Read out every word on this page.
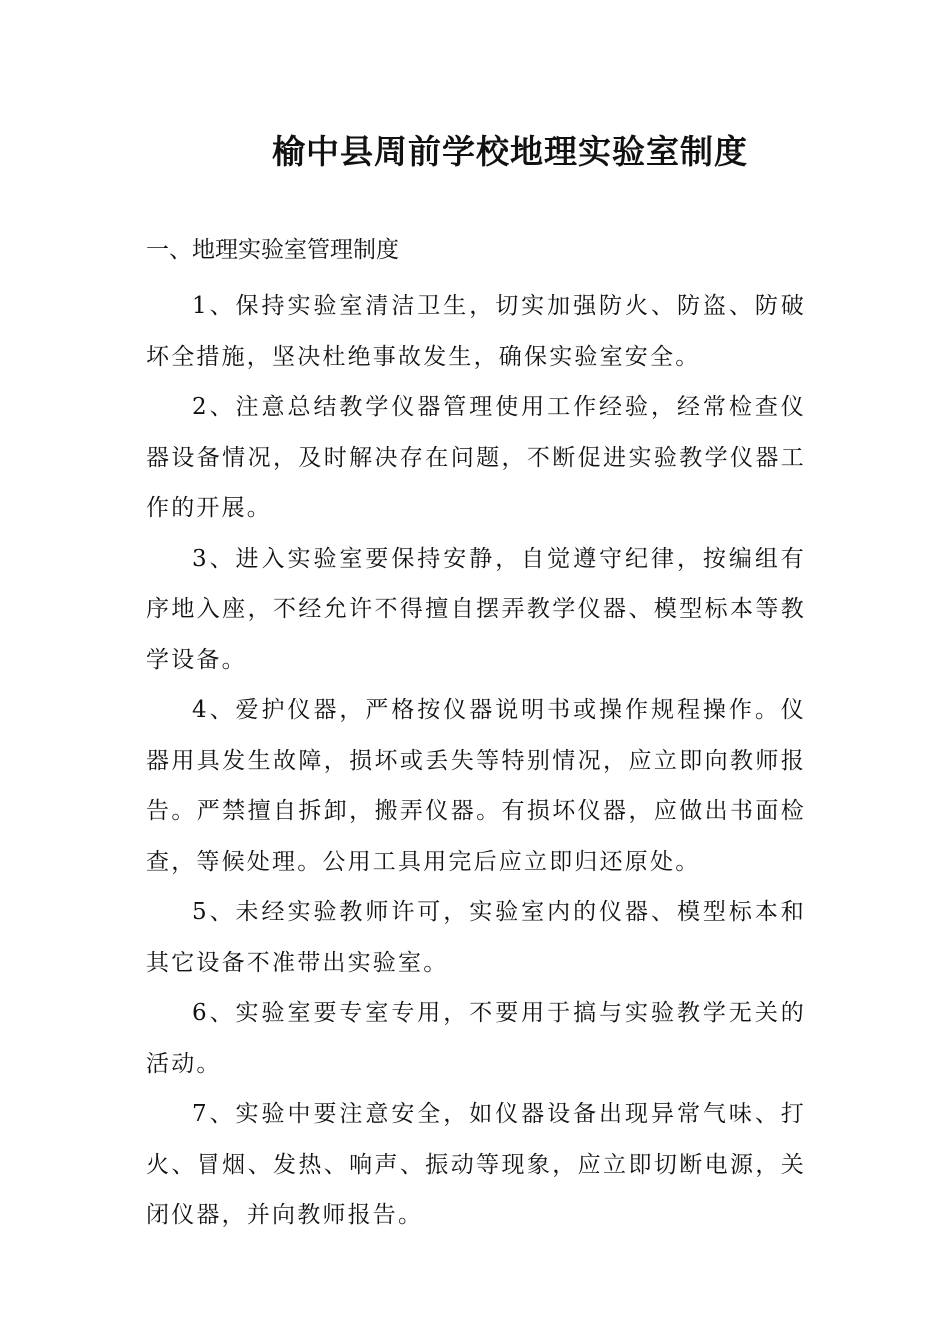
榆中县周前学校地理实验室制度
一、地理实验室管理制度

1、保持实验室清洁卫生，切实加强防火、防盗、防破坏全措施，坚决杜绝事故发生，确保实验室安全。

2、注意总结教学仪器管理使用工作经验，经常检查仪器设备情况，及时解决存在问题，不断促进实验教学仪器工作的开展。

3、进入实验室要保持安静，自觉遵守纪律，按编组有序地入座，不经允许不得擅自摆弄教学仪器、模型标本等教学设备。

4、爱护仪器，严格按仪器说明书或操作规程操作。仪器用具发生故障，损坏或丢失等特别情况，应立即向教师报告。严禁擅自拆卸，搬弄仪器。有损坏仪器，应做出书面检查，等候处理。公用工具用完后应立即归还原处。

5、未经实验教师许可，实验室内的仪器、模型标本和其它设备不准带出实验室。

6、实验室要专室专用，不要用于搞与实验教学无关的活动。

7、实验中要注意安全，如仪器设备出现异常气味、打火、冒烟、发热、响声、振动等现象，应立即切断电源，关闭仪器，并向教师报告。
